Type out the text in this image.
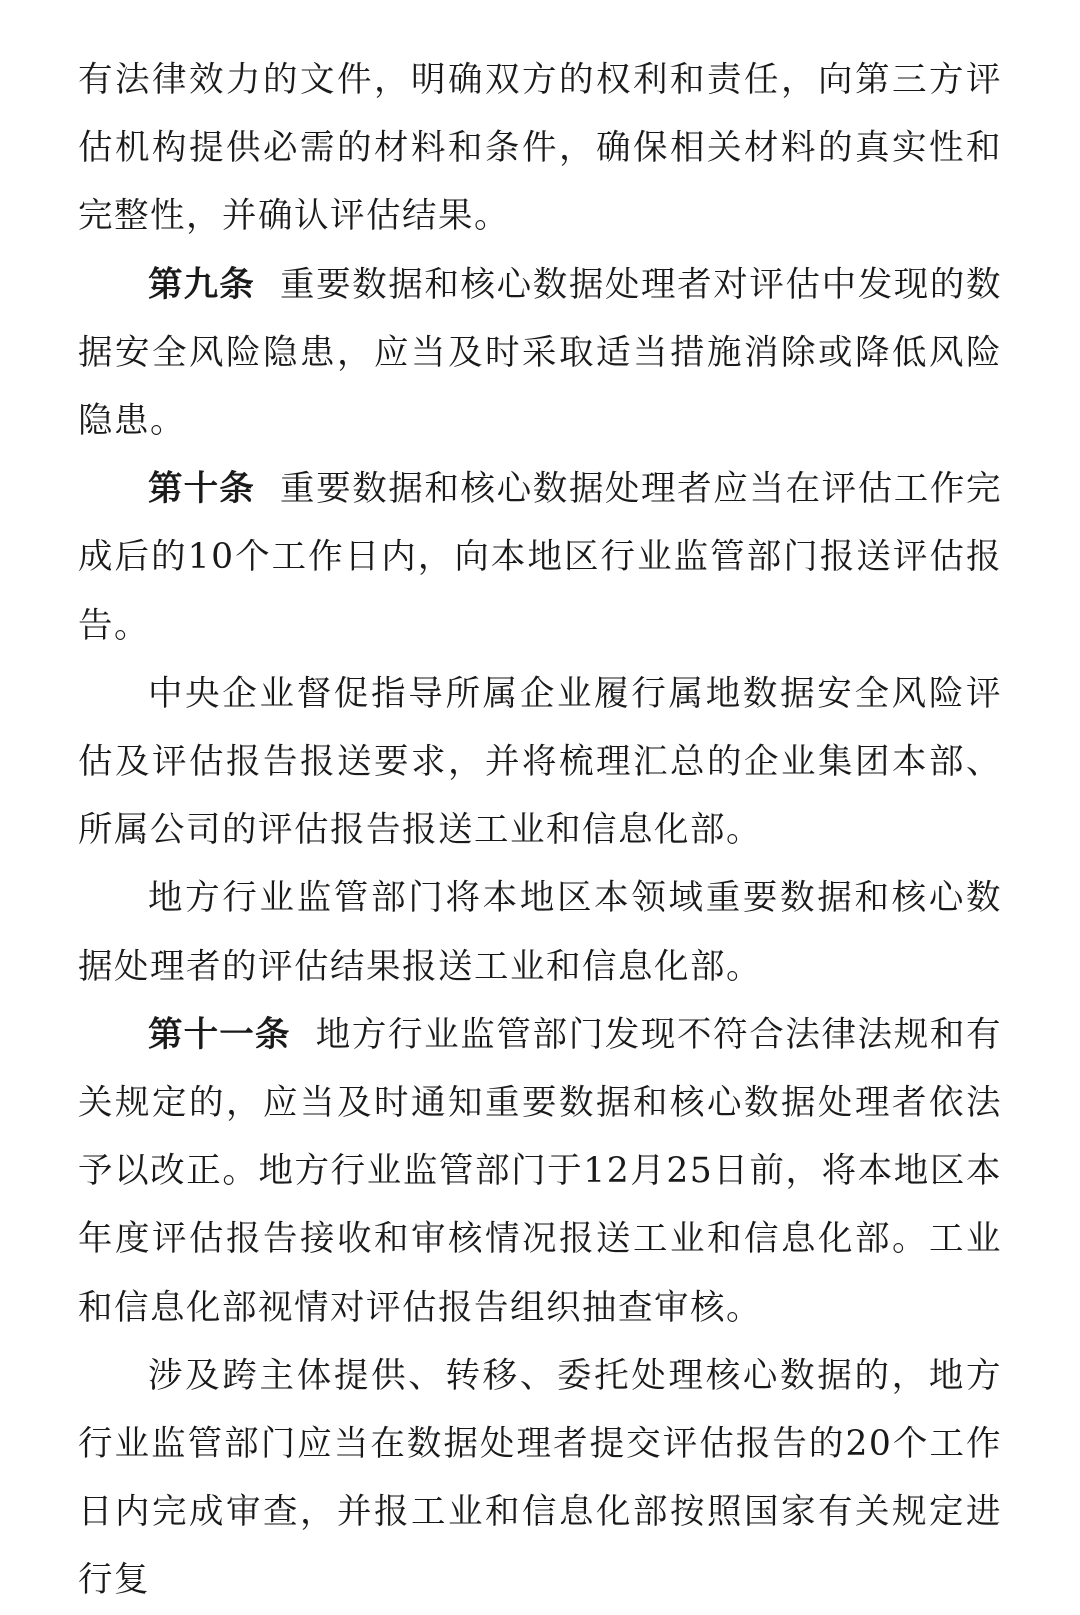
有法律效力的文件，明确双方的权利和责任，向第三方评估机构提供必需的材料和条件，确保相关材料的真实性和完整性，并确认评估结果。

第九条 重要数据和核心数据处理者对评估中发现的数据安全风险隐患，应当及时采取适当措施消除或降低风险隐患。

第十条 重要数据和核心数据处理者应当在评估工作完成后的10个工作日内，向本地区行业监管部门报送评估报告。

中央企业督促指导所属企业履行属地数据安全风险评估及评估报告报送要求，并将梳理汇总的企业集团本部、所属公司的评估报告报送工业和信息化部。

地方行业监管部门将本地区本领域重要数据和核心数据处理者的评估结果报送工业和信息化部。

第十一条 地方行业监管部门发现不符合法律法规和有关规定的，应当及时通知重要数据和核心数据处理者依法予以改正。地方行业监管部门于12月25日前，将本地区本年度评估报告接收和审核情况报送工业和信息化部。工业和信息化部视情对评估报告组织抽查审核。

涉及跨主体提供、转移、委托处理核心数据的，地方行业监管部门应当在数据处理者提交评估报告的20个工作日内完成审查，并报工业和信息化部按照国家有关规定进行复
